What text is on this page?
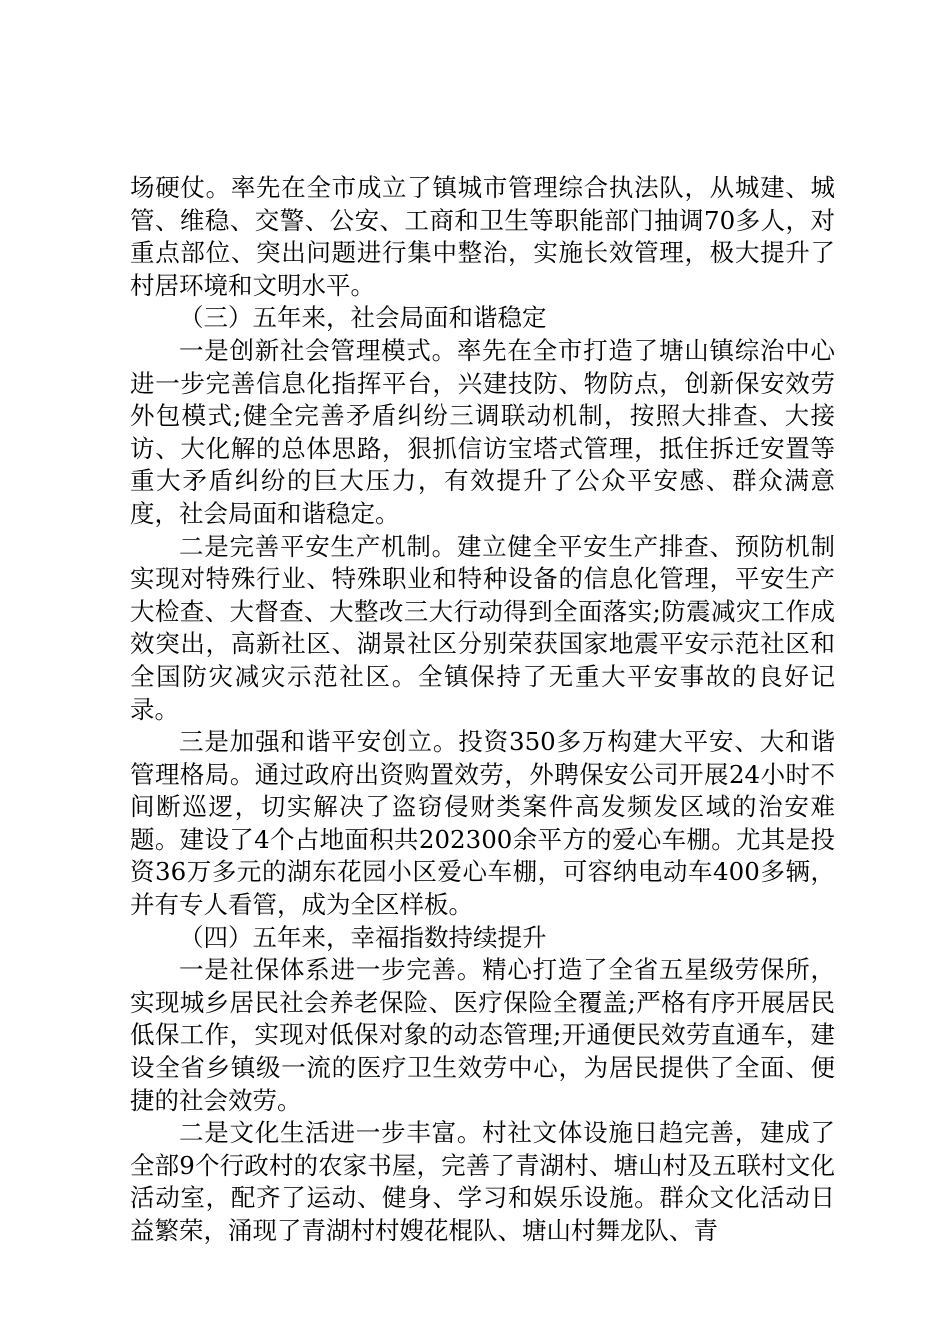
场硬仗。率先在全市成立了镇城市管理综合执法队，从城建、城管、维稳、交警、公安、工商和卫生等职能部门抽调70多人，对重点部位、突出问题进行集中整治，实施长效管理，极大提升了村居环境和文明水平。

（三）五年来，社会局面和谐稳定

一是创新社会管理模式。率先在全市打造了塘山镇综治中心进一步完善信息化指挥平台，兴建技防、物防点，创新保安效劳外包模式;健全完善矛盾纠纷三调联动机制，按照大排查、大接访、大化解的总体思路，狠抓信访宝塔式管理，抵住拆迁安置等重大矛盾纠纷的巨大压力，有效提升了公众平安感、群众满意度，社会局面和谐稳定。

二是完善平安生产机制。建立健全平安生产排查、预防机制实现对特殊行业、特殊职业和特种设备的信息化管理，平安生产大检查、大督查、大整改三大行动得到全面落实;防震减灾工作成效突出，高新社区、湖景社区分别荣获国家地震平安示范社区和全国防灾减灾示范社区。全镇保持了无重大平安事故的良好记录。

三是加强和谐平安创立。投资350多万构建大平安、大和谐管理格局。通过政府出资购置效劳，外聘保安公司开展24小时不间断巡逻，切实解决了盗窃侵财类案件高发频发区域的治安难题。建设了4个占地面积共202300余平方的爱心车棚。尤其是投资36万多元的湖东花园小区爱心车棚，可容纳电动车400多辆，并有专人看管，成为全区样板。

（四）五年来，幸福指数持续提升

一是社保体系进一步完善。精心打造了全省五星级劳保所，实现城乡居民社会养老保险、医疗保险全覆盖;严格有序开展居民低保工作，实现对低保对象的动态管理;开通便民效劳直通车，建设全省乡镇级一流的医疗卫生效劳中心，为居民提供了全面、便捷的社会效劳。

二是文化生活进一步丰富。村社文体设施日趋完善，建成了全部9个行政村的农家书屋，完善了青湖村、塘山村及五联村文化活动室，配齐了运动、健身、学习和娱乐设施。群众文化活动日益繁荣，涌现了青湖村村嫂花棍队、塘山村舞龙队、青
